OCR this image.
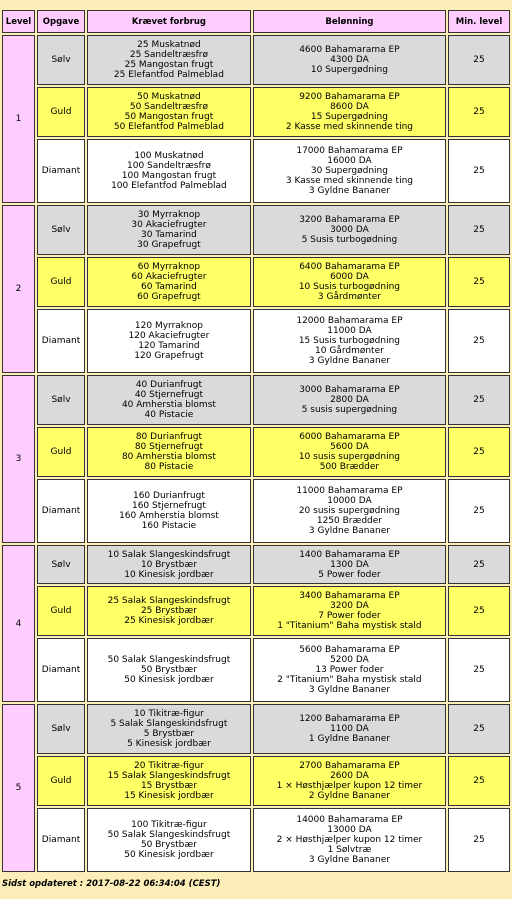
Level	Opgave	Krævet forbrug	Belønning	Min. level
1	Sølv	25 Muskatnød
25 Sandeltræsfrø
25 Mangostan frugt
25 Elefantfod Palmeblad	4600 Bahamarama EP
4300 DA
10 Supergødning	25
	Guld	50 Muskatnød
50 Sandeltræsfrø
50 Mangostan frugt
50 Elefantfod Palmeblad	9200 Bahamarama EP
8600 DA
15 Supergødning
2 Kasse med skinnende ting	25
	Diamant	100 Muskatnød
100 Sandeltræsfrø
100 Mangostan frugt
100 Elefantfod Palmeblad	17000 Bahamarama EP
16000 DA
30 Supergødning
3 Kasse med skinnende ting
3 Gyldne Bananer	25
2	Sølv	30 Myrraknop
30 Akaciefrugter
30 Tamarind
30 Grapefrugt	3200 Bahamarama EP
3000 DA
5 Susis turbogødning	25
	Guld	60 Myrraknop
60 Akaciefrugter
60 Tamarind
60 Grapefrugt	6400 Bahamarama EP
6000 DA
10 Susis turbogødning
3 Gårdmønter	25
	Diamant	120 Myrraknop
120 Akaciefrugter
120 Tamarind
120 Grapefrugt	12000 Bahamarama EP
11000 DA
15 Susis turbogødning
10 Gårdmønter
3 Gyldne Bananer	25
3	Sølv	40 Durianfrugt
40 Stjernefrugt
40 Amherstia blomst
40 Pistacie	3000 Bahamarama EP
2800 DA
5 susis supergødning	25
	Guld	80 Durianfrugt
80 Stjernefrugt
80 Amherstia blomst
80 Pistacie	6000 Bahamarama EP
5600 DA
10 susis supergødning
500 Brædder	25
	Diamant	160 Durianfrugt
160 Stjernefrugt
160 Amherstia blomst
160 Pistacie	11000 Bahamarama EP
10000 DA
20 susis supergødning
1250 Brædder
3 Gyldne Bananer	25
4	Sølv	10 Salak Slangeskindsfrugt
10 Brystbær
10 Kinesisk jordbær	1400 Bahamarama EP
1300 DA
5 Power foder	25
	Guld	25 Salak Slangeskindsfrugt
25 Brystbær
25 Kinesisk jordbær	3400 Bahamarama EP
3200 DA
7 Power foder
1 "Titanium" Baha mystisk stald	25
	Diamant	50 Salak Slangeskindsfrugt
50 Brystbær
50 Kinesisk jordbær	5600 Bahamarama EP
5200 DA
13 Power foder
2 "Titanium" Baha mystisk stald
3 Gyldne Bananer	25
5	Sølv	10 Tikitræ-figur
5 Salak Slangeskindsfrugt
5 Brystbær
5 Kinesisk jordbær	1200 Bahamarama EP
1100 DA
1 Gyldne Bananer	25
	Guld	20 Tikitræ-figur
15 Salak Slangeskindsfrugt
15 Brystbær
15 Kinesisk jordbær	2700 Bahamarama EP
2600 DA
1 × Høsthjælper kupon 12 timer
2 Gyldne Bananer	25
	Diamant	100 Tikitræ-figur
50 Salak Slangeskindsfrugt
50 Brystbær
50 Kinesisk jordbær	14000 Bahamarama EP
13000 DA
2 × Høsthjælper kupon 12 timer
1 Sølvtræ
3 Gyldne Bananer	25
Sidst opdateret : 2017-08-22 06:34:04 (CEST)
